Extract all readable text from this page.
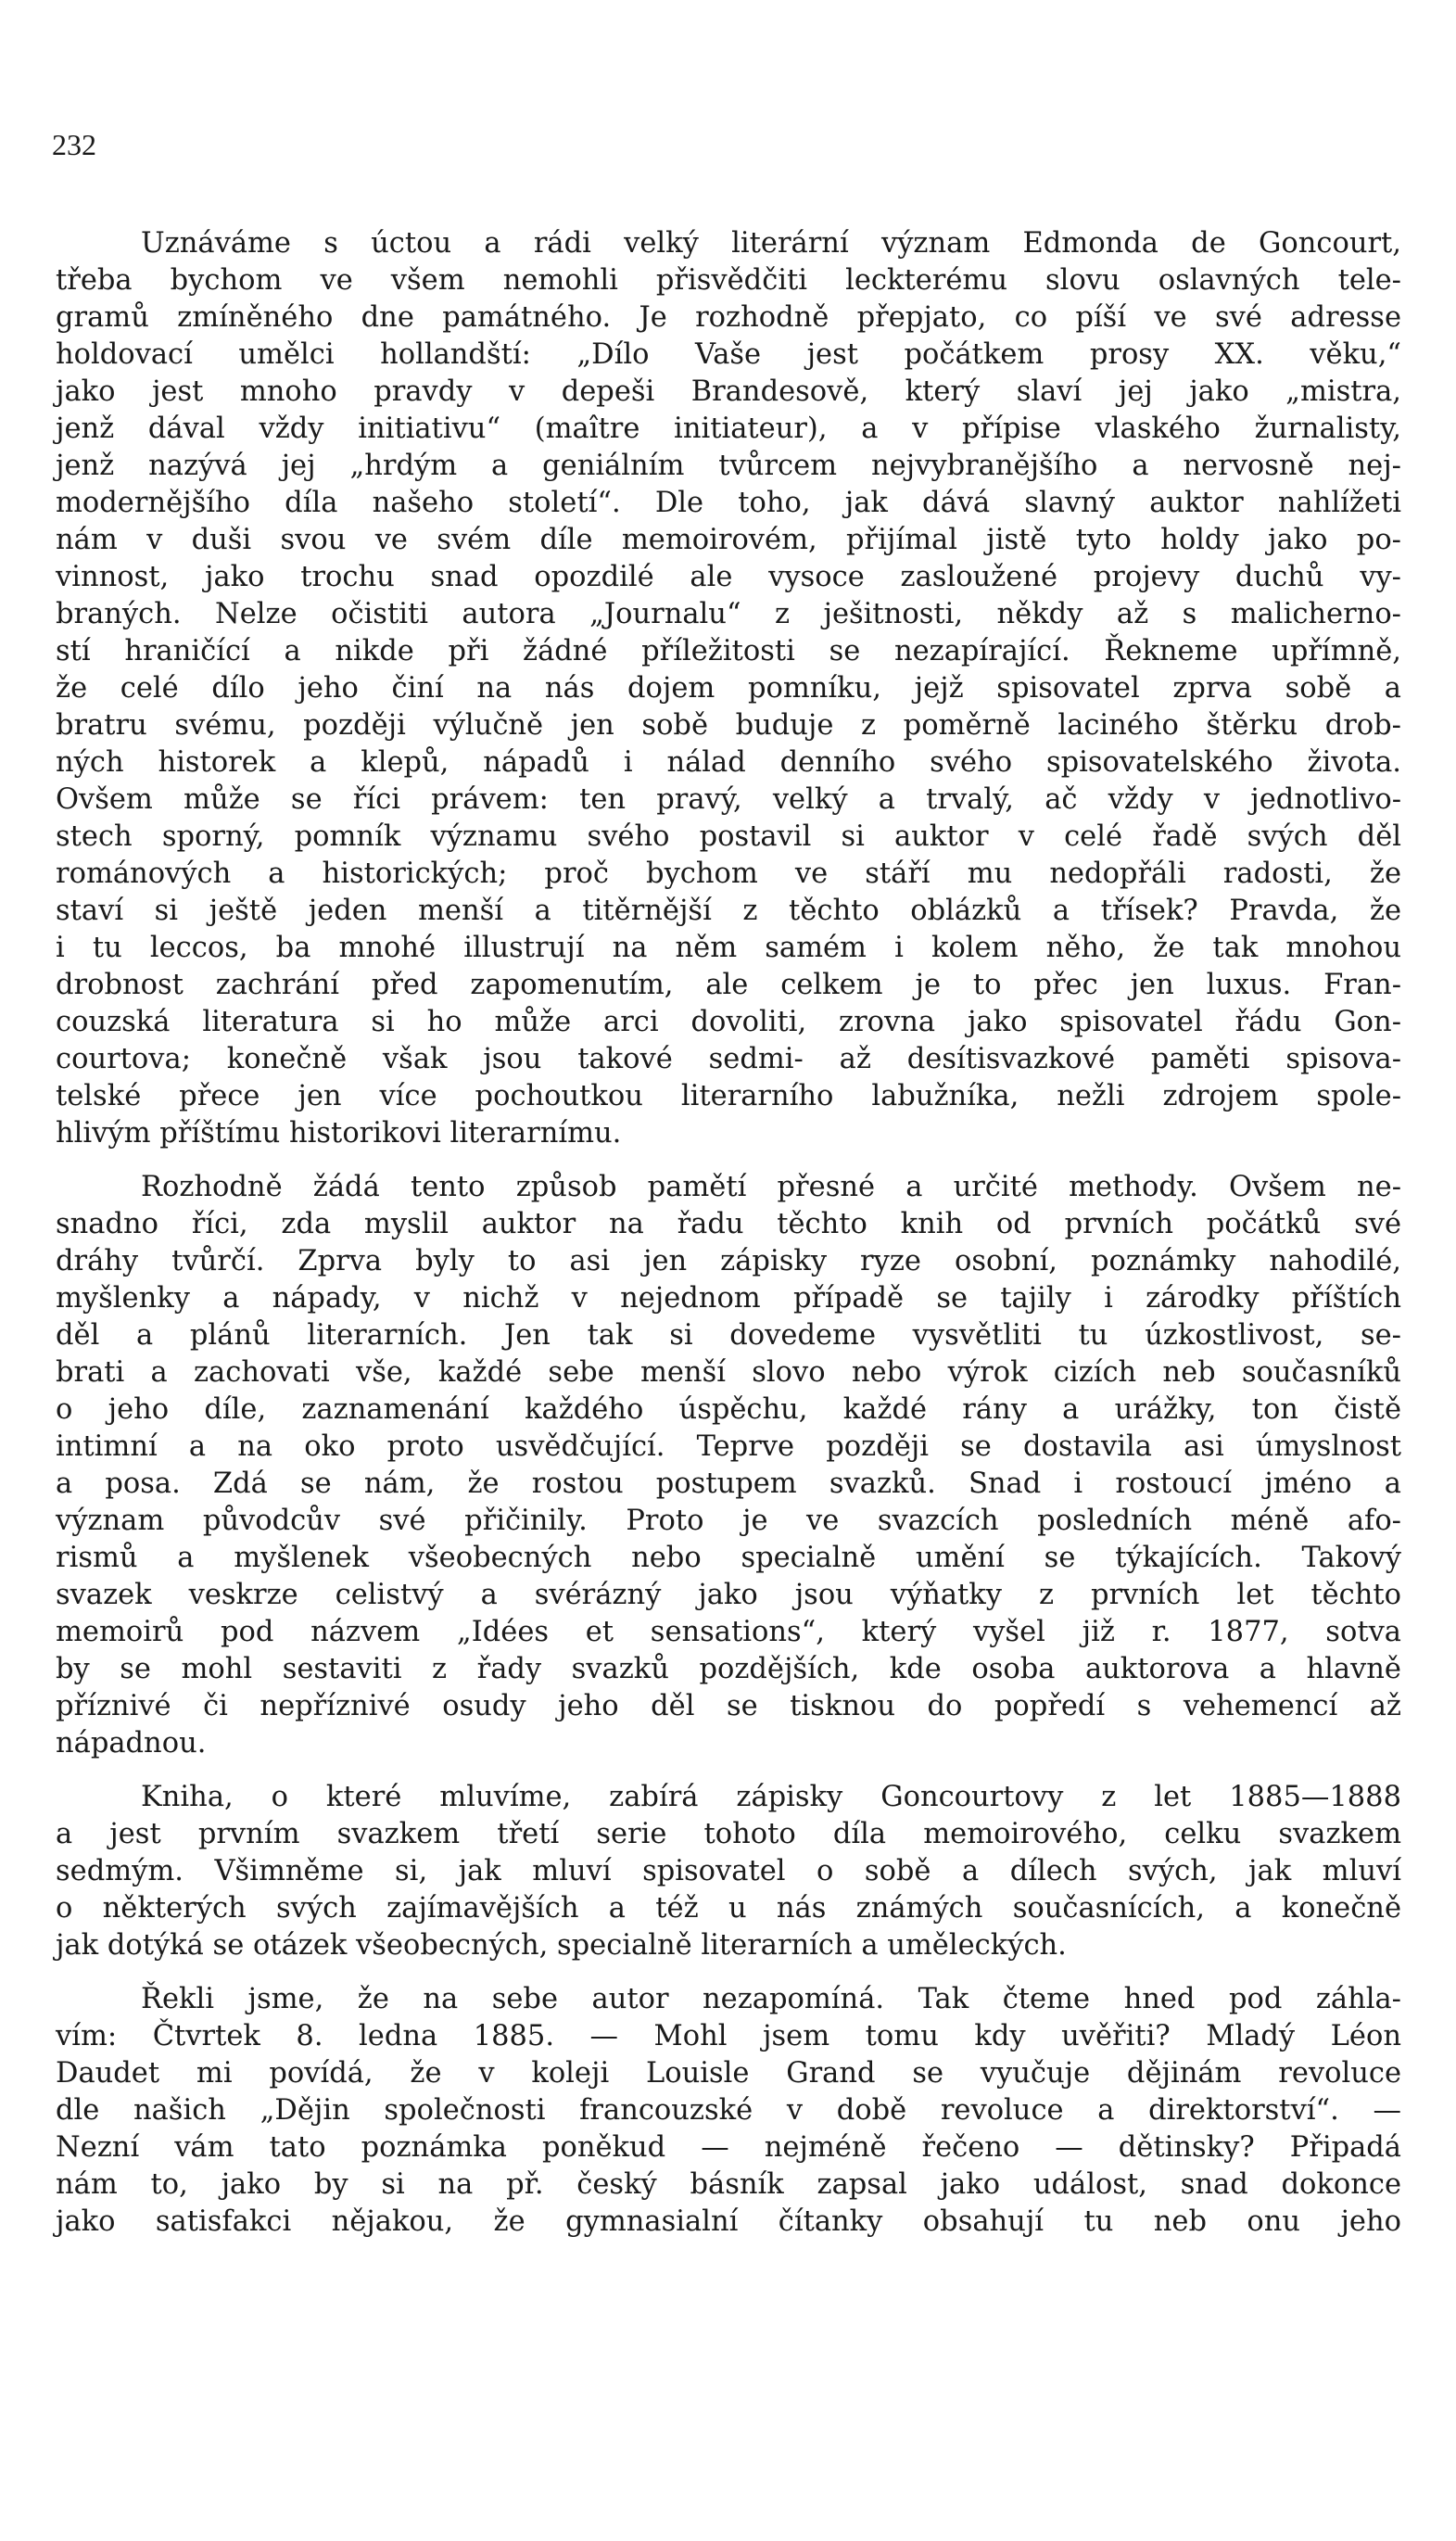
232

Uznáváme s úctou a rádi velký literární význam Edmonda de Goncourt,
třeba bychom ve všem nemohli přisvědčiti leckterému slovu oslavných tele-
gramů zmíněného dne památného. Je rozhodně přepjato, co píší ve své adresse
holdovací umělci hollandští: „Dílo Vaše jest počátkem prosy XX. věku,“
jako jest mnoho pravdy v depeši Brandesově, který slaví jej jako „mistra,
jenž dával vždy initiativu“ (maître initiateur), a v přípise vlaského žurnalisty,
jenž nazývá jej „hrdým a geniálním tvůrcem nejvybranějšího a nervosně nej-
modernějšího díla našeho století“. Dle toho, jak dává slavný auktor nahlížeti
nám v duši svou ve svém díle memoirovém, přijímal jistě tyto holdy jako po-
vinnost, jako trochu snad opozdilé ale vysoce zasloužené projevy duchů vy-
braných. Nelze očistiti autora „Journalu“ z ješitnosti, někdy až s malicherno-
stí hraničící a nikde při žádné příležitosti se nezapírající. Řekneme upřímně,
že celé dílo jeho činí na nás dojem pomníku, jejž spisovatel zprva sobě a
bratru svému, později výlučně jen sobě buduje z poměrně laciného štěrku drob-
ných historek a klepů, nápadů i nálad denního svého spisovatelského života.
Ovšem může se říci právem: ten pravý, velký a trvalý, ač vždy v jednotlivo-
stech sporný, pomník významu svého postavil si auktor v celé řadě svých děl
románových a historických; proč bychom ve stáří mu nedopřáli radosti, že
staví si ještě jeden menší a titěrnější z těchto oblázků a třísek? Pravda, že
i tu leccos, ba mnohé illustrují na něm samém i kolem něho, že tak mnohou
drobnost zachrání před zapomenutím, ale celkem je to přec jen luxus. Fran-
couzská literatura si ho může arci dovoliti, zrovna jako spisovatel řádu Gon-
courtova; konečně však jsou takové sedmi- až desítisvazkové paměti spisova-
telské přece jen více pochoutkou literarního labužníka, nežli zdrojem spole-
hlivým příštímu historikovi literarnímu.

Rozhodně žádá tento způsob pamětí přesné a určité methody. Ovšem ne-
snadno říci, zda myslil auktor na řadu těchto knih od prvních počátků své
dráhy tvůrčí. Zprva byly to asi jen zápisky ryze osobní, poznámky nahodilé,
myšlenky a nápady, v nichž v nejednom případě se tajily i zárodky příštích
děl a plánů literarních. Jen tak si dovedeme vysvětliti tu úzkostlivost, se-
brati a zachovati vše, každé sebe menší slovo nebo výrok cizích neb současníků
o jeho díle, zaznamenání každého úspěchu, každé rány a urážky, ton čistě
intimní a na oko proto usvědčující. Teprve později se dostavila asi úmyslnost
a posa. Zdá se nám, že rostou postupem svazků. Snad i rostoucí jméno a
význam původcův své přičinily. Proto je ve svazcích posledních méně afo-
rismů a myšlenek všeobecných nebo specialně umění se týkajících. Takový
svazek veskrze celistvý a svérázný jako jsou výňatky z prvních let těchto
memoirů pod názvem „Idées et sensations“, který vyšel již r. 1877, sotva
by se mohl sestaviti z řady svazků pozdějších, kde osoba auktorova a hlavně
příznivé či nepříznivé osudy jeho děl se tisknou do popředí s vehemencí až
nápadnou.

Kniha, o které mluvíme, zabírá zápisky Goncourtovy z let 1885—1888
a jest prvním svazkem třetí serie tohoto díla memoirového, celku svazkem
sedmým. Všimněme si, jak mluví spisovatel o sobě a dílech svých, jak mluví
o některých svých zajímavějších a též u nás známých současnících, a konečně
jak dotýká se otázek všeobecných, specialně literarních a uměleckých.

Řekli jsme, že na sebe autor nezapomíná. Tak čteme hned pod záhla-
vím: Čtvrtek 8. ledna 1885. — Mohl jsem tomu kdy uvěřiti? Mladý Léon
Daudet mi povídá, že v koleji Louisle Grand se vyučuje dějinám revoluce
dle našich „Dějin společnosti francouzské v době revoluce a direktorství“. —
Nezní vám tato poznámka poněkud — nejméně řečeno — dětinsky? Připadá
nám to, jako by si na př. český básník zapsal jako událost, snad dokonce
jako satisfakci nějakou, že gymnasialní čítanky obsahují tu neb onu jeho
